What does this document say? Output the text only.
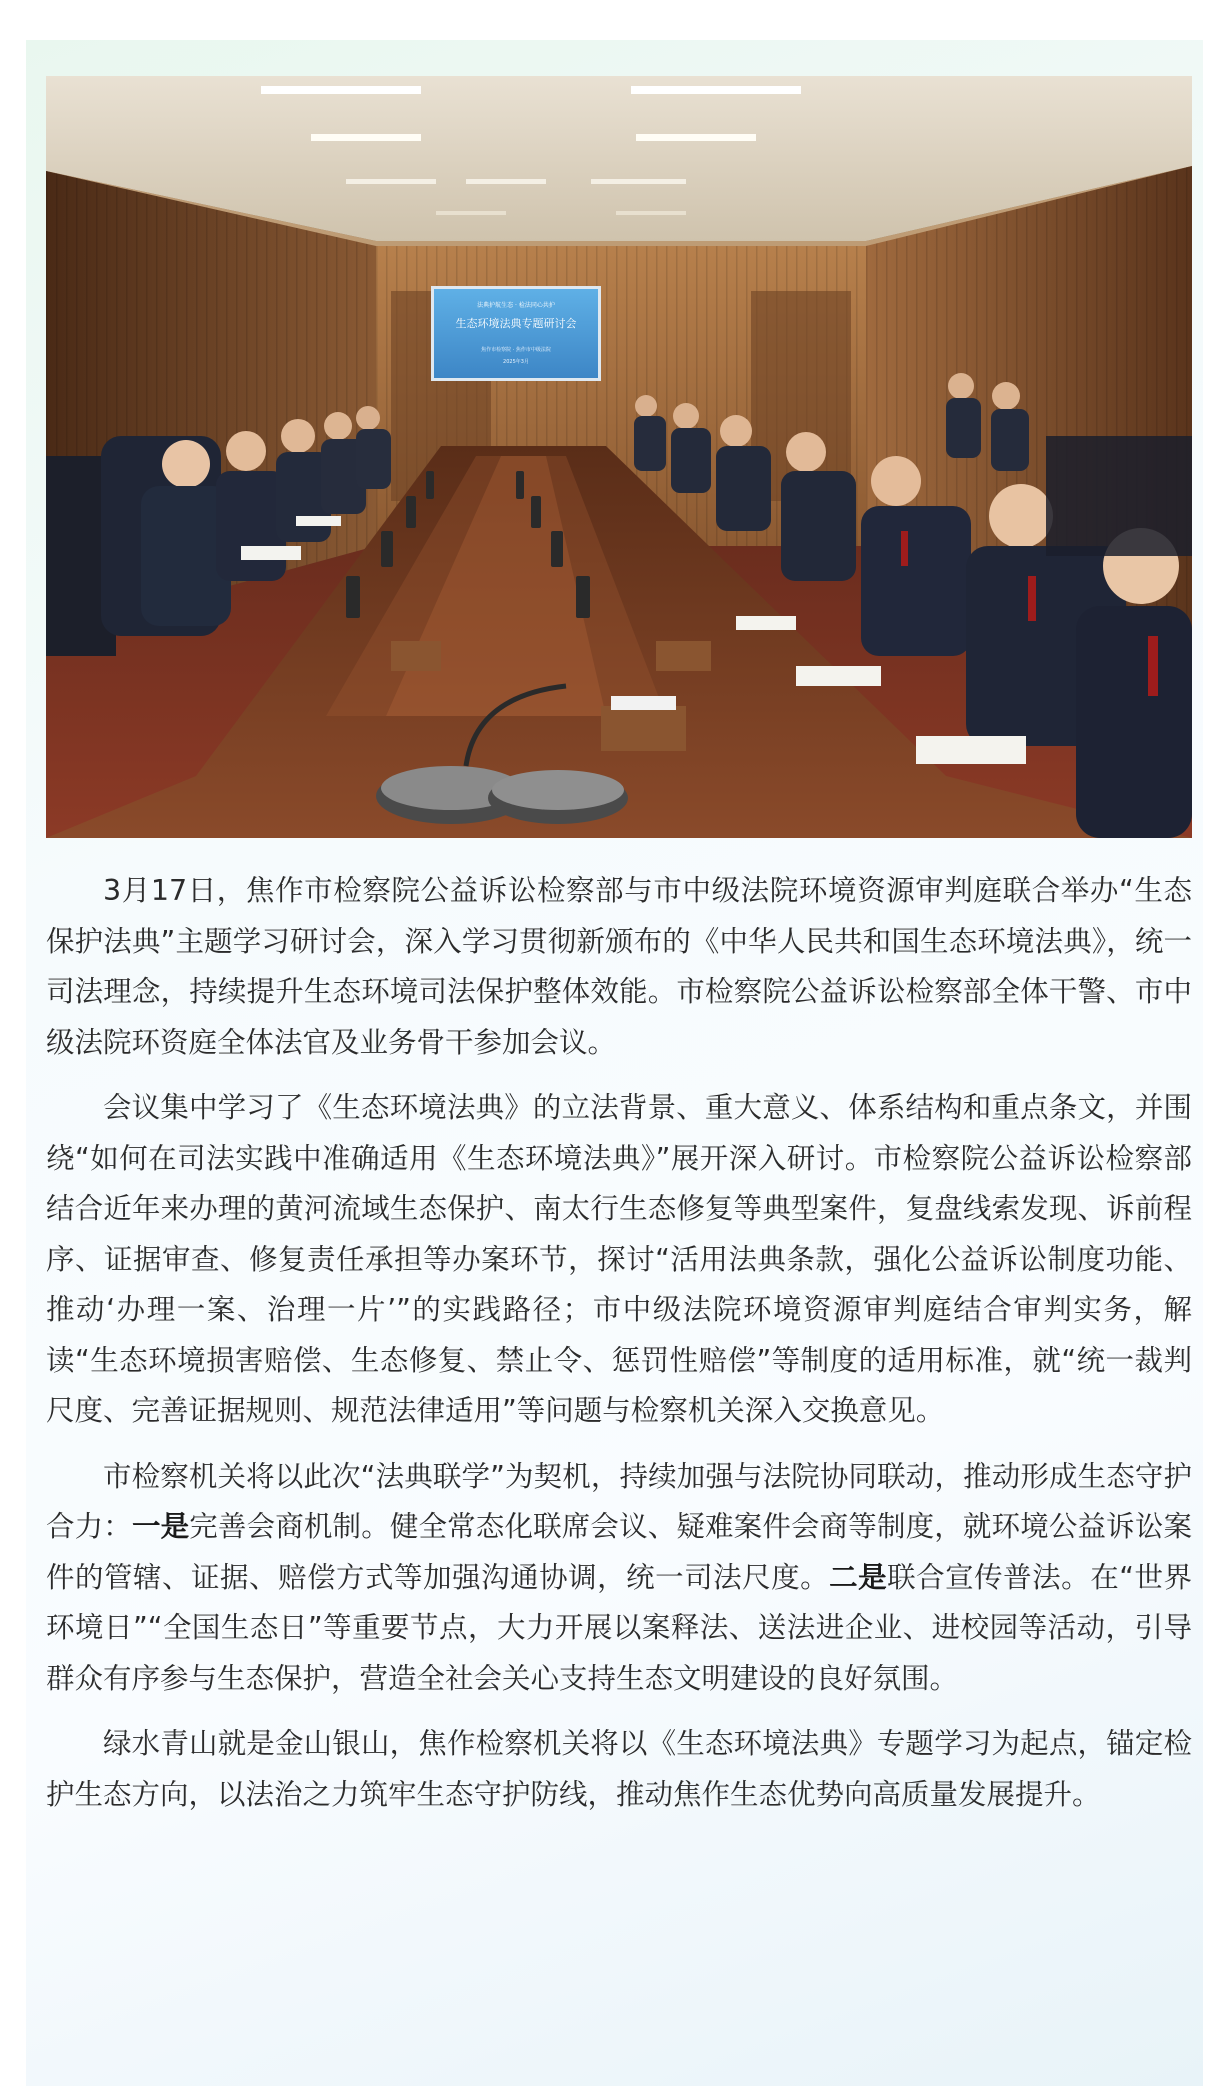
法典护航生态 · 检法同心共护
生态环境法典专题研讨会
焦作市检察院 · 焦作市中级法院
2025年3月

3月17日，焦作市检察院公益诉讼检察部与市中级法院环境资源审判庭联合举办“生态保护法典”主题学习研讨会，深入学习贯彻新颁布的《中华人民共和国生态环境法典》，统一司法理念，持续提升生态环境司法保护整体效能。市检察院公益诉讼检察部全体干警、市中级法院环资庭全体法官及业务骨干参加会议。

会议集中学习了《生态环境法典》的立法背景、重大意义、体系结构和重点条文，并围绕“如何在司法实践中准确适用《生态环境法典》”展开深入研讨。市检察院公益诉讼检察部结合近年来办理的黄河流域生态保护、南太行生态修复等典型案件，复盘线索发现、诉前程序、证据审查、修复责任承担等办案环节，探讨“活用法典条款，强化公益诉讼制度功能、推动‘办理一案、治理一片’”的实践路径；市中级法院环境资源审判庭结合审判实务，解读“生态环境损害赔偿、生态修复、禁止令、惩罚性赔偿”等制度的适用标准，就“统一裁判尺度、完善证据规则、规范法律适用”等问题与检察机关深入交换意见。

市检察机关将以此次“法典联学”为契机，持续加强与法院协同联动，推动形成生态守护合力：一是完善会商机制。健全常态化联席会议、疑难案件会商等制度，就环境公益诉讼案件的管辖、证据、赔偿方式等加强沟通协调，统一司法尺度。二是联合宣传普法。在“世界环境日”“全国生态日”等重要节点，大力开展以案释法、送法进企业、进校园等活动，引导群众有序参与生态保护，营造全社会关心支持生态文明建设的良好氛围。

绿水青山就是金山银山，焦作检察机关将以《生态环境法典》专题学习为起点，锚定检护生态方向，以法治之力筑牢生态守护防线，推动焦作生态优势向高质量发展提升。
